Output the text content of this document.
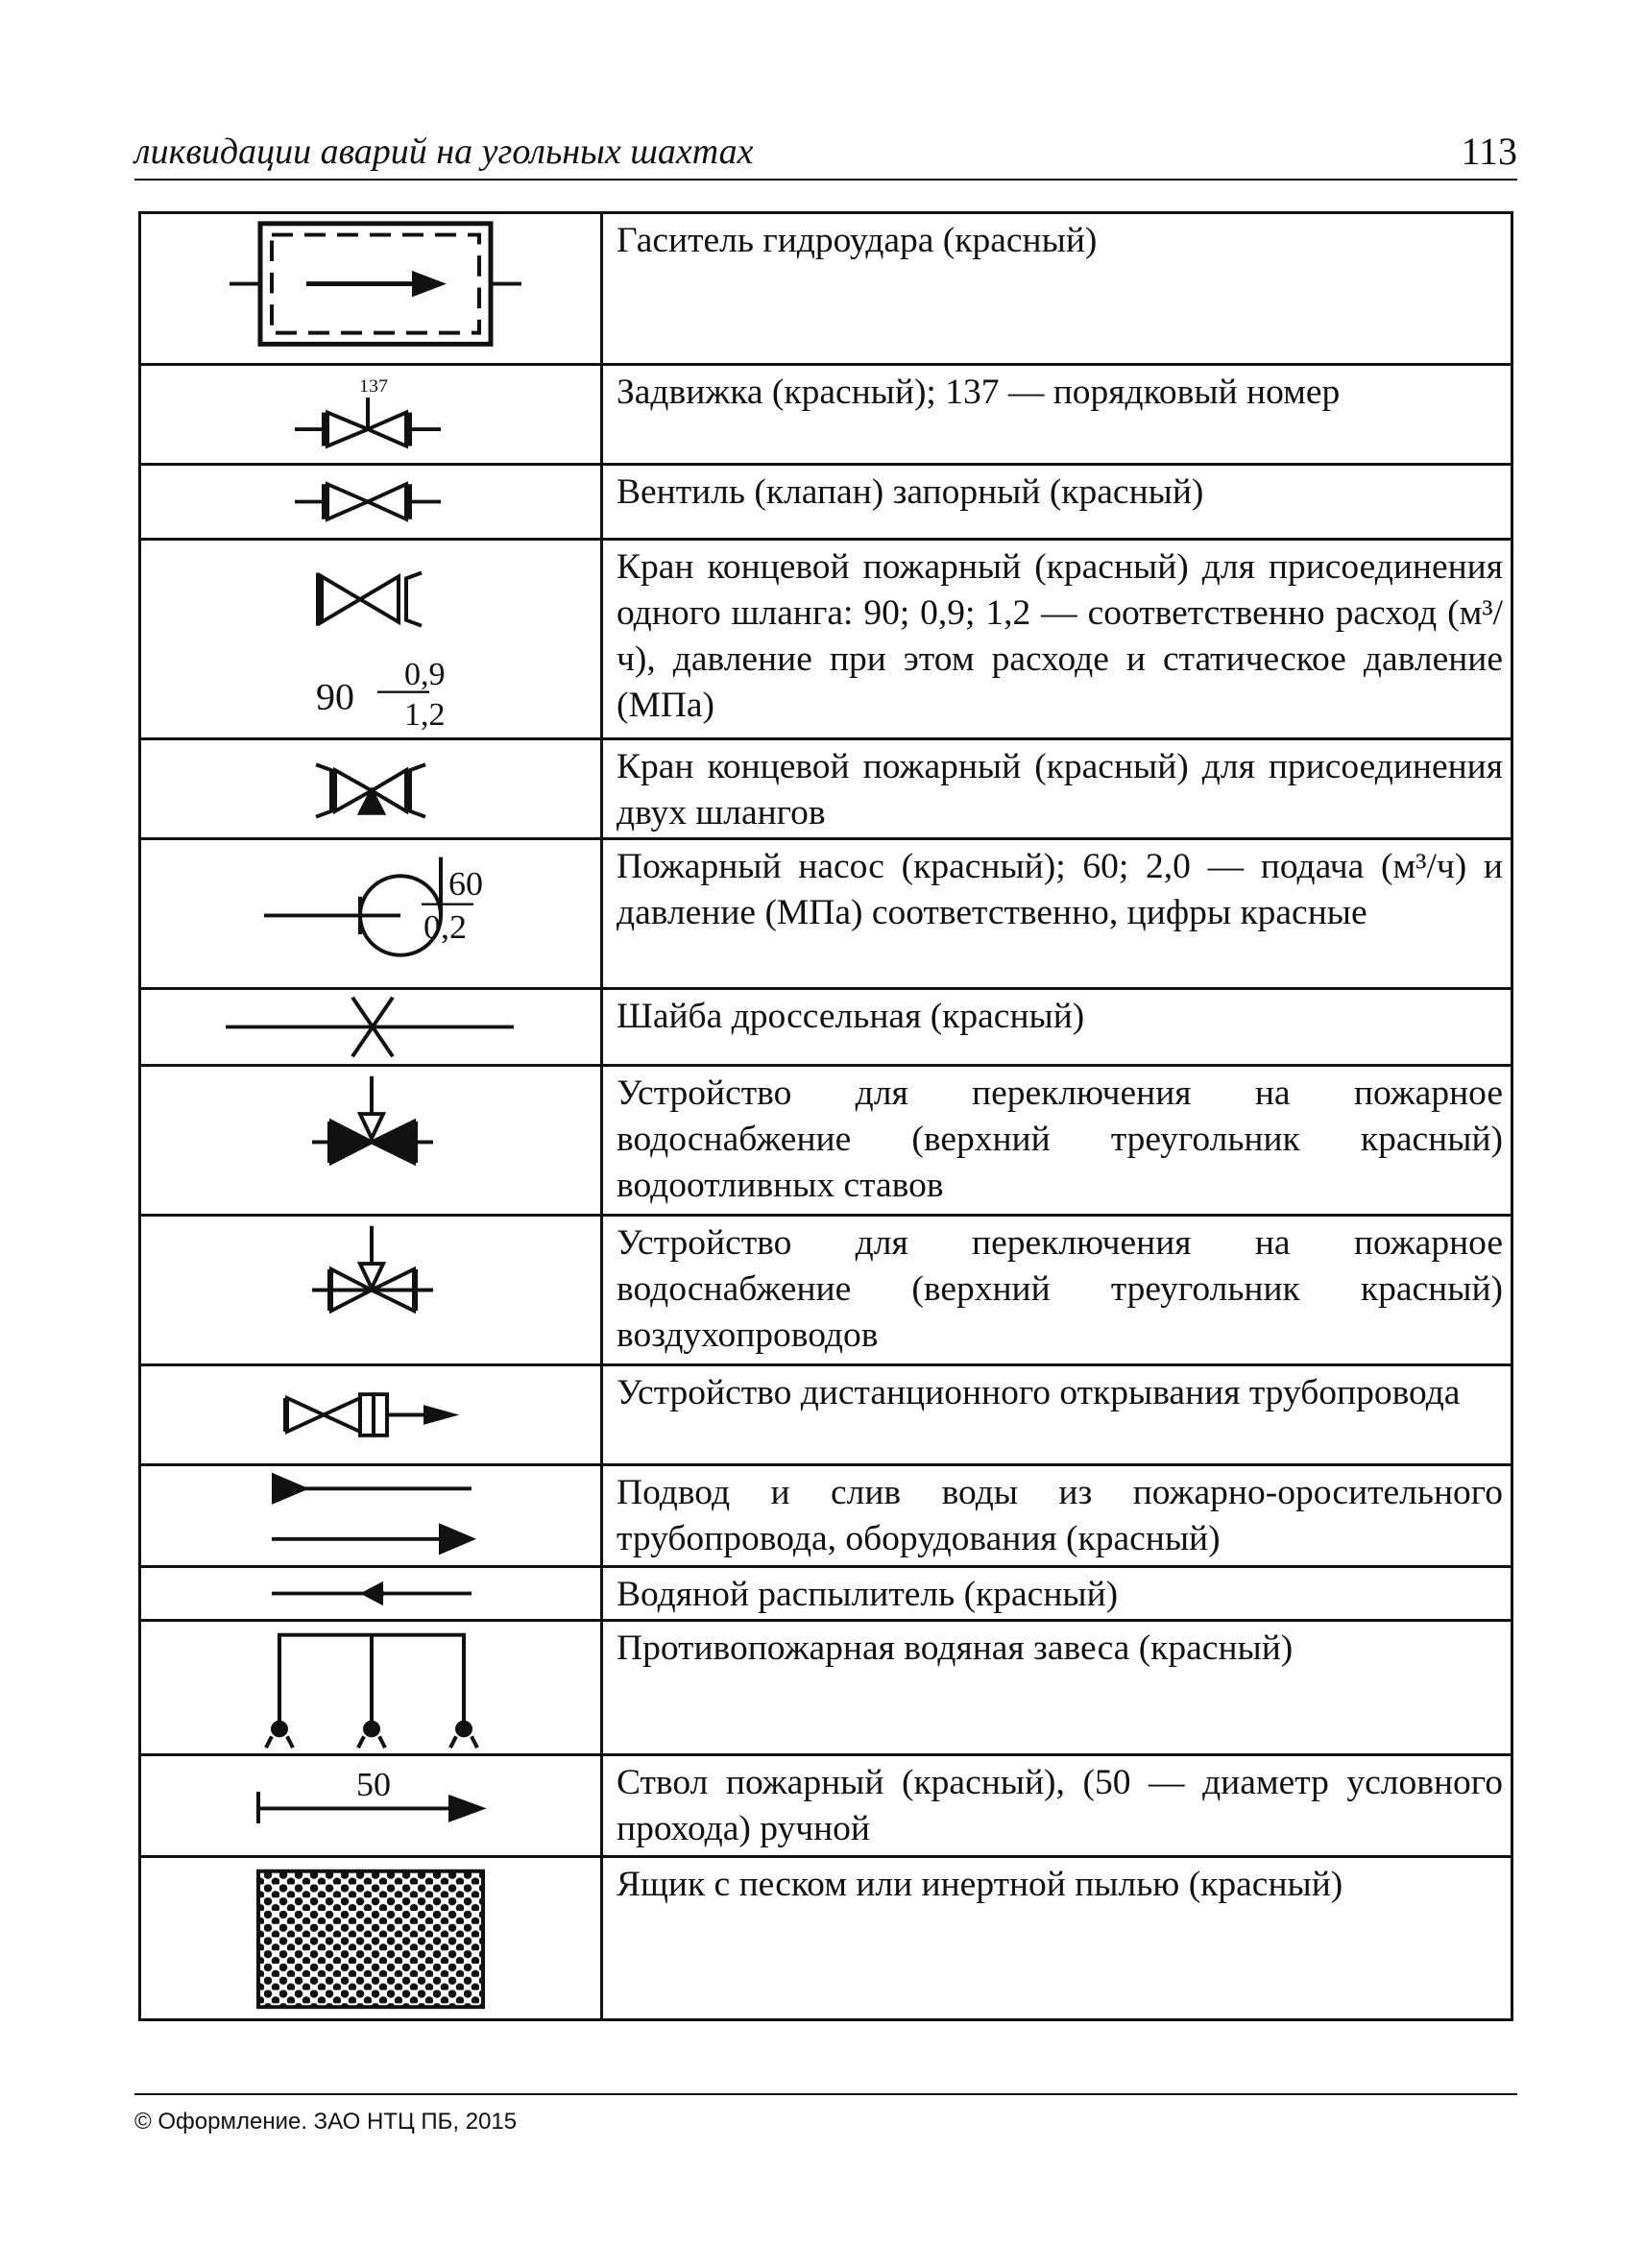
ликвидации аварий на угольных шахтах	113

Гаситель гидроудара (красный)

137	Задвижка (красный); 137 — порядковый номер

Вентиль (клапан) запорный (красный)

90
0,9
1,2	Кран концевой пожарный (красный) для присоединения одного шланга: 90; 0,9; 1,2 — соответственно расход (м³/ч), давление при этом расходе и статическое давление (МПа)

Кран концевой пожарный (красный) для присоединения двух шлангов

60
0,2	Пожарный насос (красный); 60; 2,0 — подача (м³/ч) и давление (МПа) соответственно, цифры красные

Шайба дроссельная (красный)

Устройство для переключения на пожарное водоснабжение (верхний треугольник красный) водоотливных ставов

Устройство для переключения на пожарное водоснабжение (верхний треугольник красный) воздухопроводов

Устройство дистанционного открывания трубопровода

Подвод и слив воды из пожарно-оросительного трубопровода, оборудования (красный)

Водяной распылитель (красный)

Противопожарная водяная завеса (красный)

50	Ствол пожарный (красный), (50 — диаметр условного прохода) ручной

Ящик с песком или инертной пылью (красный)
© Оформление. ЗАО НТЦ ПБ, 2015
